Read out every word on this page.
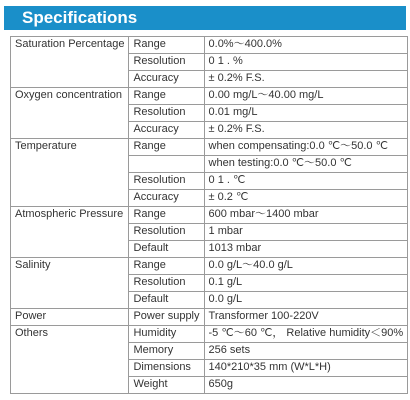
Specifications
Saturation Percentage	Range	0.0%～400.0%
	Resolution	0 1 . %
	Accuracy	± 0.2% F.S.
Oxygen concentration	Range	0.00 mg/L～40.00 mg/L
	Resolution	0.01 mg/L
	Accuracy	± 0.2% F.S.
Temperature	Range	when compensating:0.0 ℃～50.0 ℃
		when testing:0.0 ℃～50.0 ℃
	Resolution	0 1 . ℃
	Accuracy	± 0.2 ℃
Atmospheric Pressure	Range	600 mbar～1400 mbar
	Resolution	1 mbar
	Default	1013 mbar
Salinity	Range	0.0 g/L～40.0 g/L
	Resolution	0.1 g/L
	Default	0.0 g/L
Power	Power supply	Transformer 100-220V
Others	Humidity	-5 ℃～60 ℃， Relative humidity＜90%
	Memory	256 sets
	Dimensions	140*210*35 mm (W*L*H)
	Weight	650g
